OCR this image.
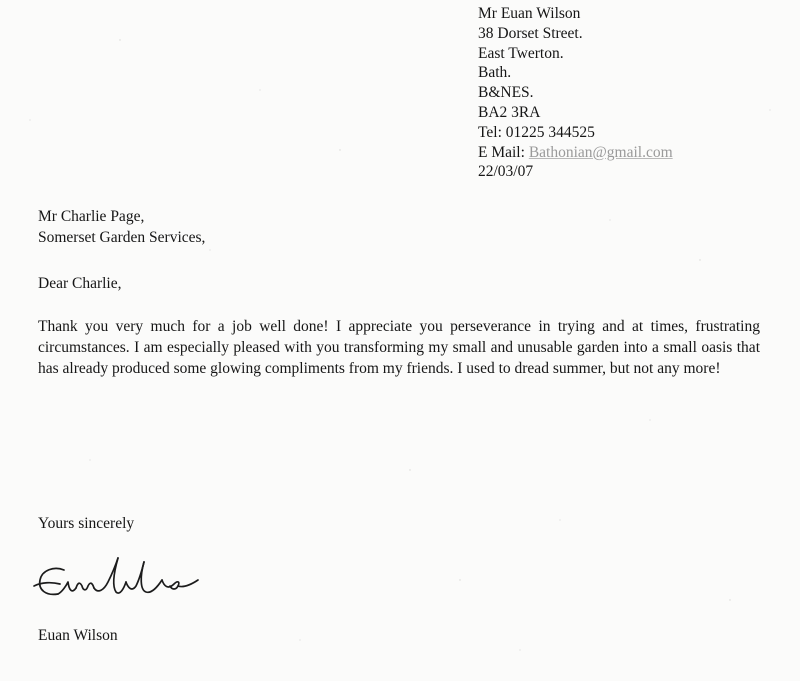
Mr Euan Wilson
38 Dorset Street.
East Twerton.
Bath.
B&NES.
BA2 3RA
Tel: 01225 344525
E Mail: Bathonian@gmail.com
22/03/07
Mr Charlie Page,
Somerset Garden Services,
Dear Charlie,
Thank you very much for a job well done! I appreciate you perseverance in trying and at times, frustrating circumstances. I am especially pleased with you transforming my small and unusable garden into a small oasis that has already produced some glowing compliments from my friends. I used to dread summer, but not any more!
Yours sincerely
Euan Wilson
